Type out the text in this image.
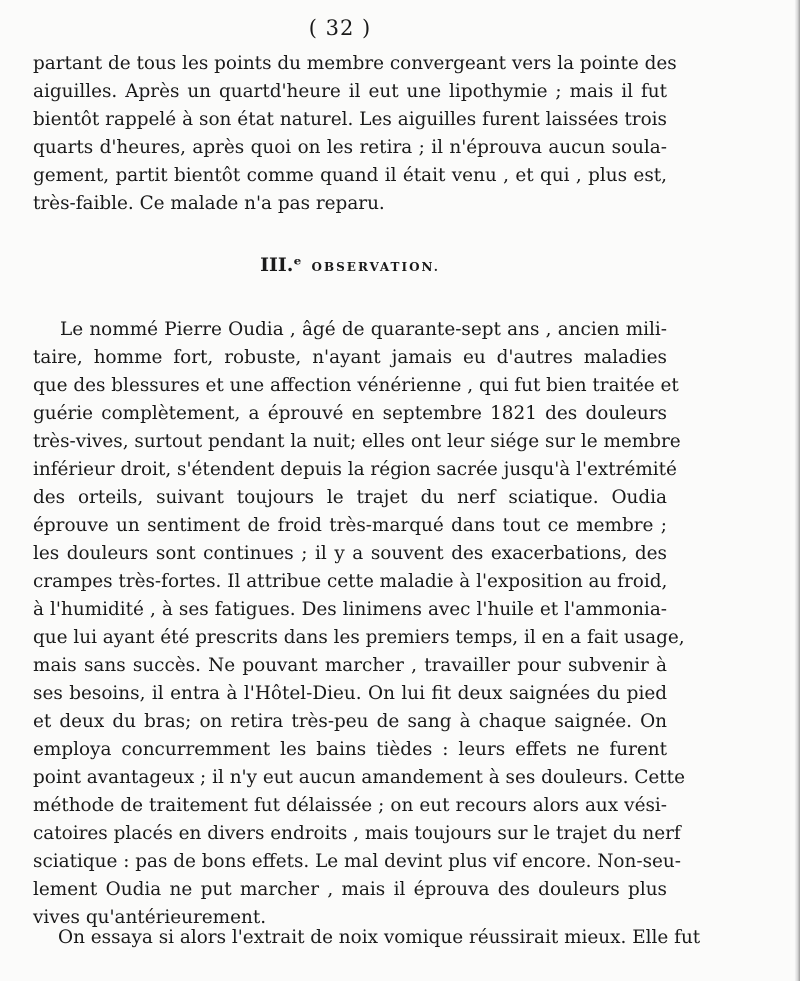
( 32 )
partant de tous les points du membre convergeant vers la pointe des
aiguilles. Après un quartd'heure il eut une lipothymie ; mais il fut
bientôt rappelé à son état naturel. Les aiguilles furent laissées trois
quarts d'heures, après quoi on les retira ; il n'éprouva aucun soula-
gement, partit bientôt comme quand il était venu , et qui , plus est,
très-faible. Ce malade n'a pas reparu.
III.ᵉ OBSERVATION.
Le nommé Pierre Oudia , âgé de quarante-sept ans , ancien mili-
taire, homme fort, robuste, n'ayant jamais eu d'autres maladies
que des blessures et une affection vénérienne , qui fut bien traitée et
guérie complètement, a éprouvé en septembre 1821 des douleurs
très-vives, surtout pendant la nuit; elles ont leur siége sur le membre
inférieur droit, s'étendent depuis la région sacrée jusqu'à l'extrémité
des orteils, suivant toujours le trajet du nerf sciatique. Oudia
éprouve un sentiment de froid très-marqué dans tout ce membre ;
les douleurs sont continues ; il y a souvent des exacerbations, des
crampes très-fortes. Il attribue cette maladie à l'exposition au froid,
à l'humidité , à ses fatigues. Des linimens avec l'huile et l'ammonia-
que lui ayant été prescrits dans les premiers temps, il en a fait usage,
mais sans succès. Ne pouvant marcher , travailler pour subvenir à
ses besoins, il entra à l'Hôtel-Dieu. On lui fit deux saignées du pied
et deux du bras; on retira très-peu de sang à chaque saignée. On
employa concurremment les bains tièdes : leurs effets ne furent
point avantageux ; il n'y eut aucun amandement à ses douleurs. Cette
méthode de traitement fut délaissée ; on eut recours alors aux vési-
catoires placés en divers endroits , mais toujours sur le trajet du nerf
sciatique : pas de bons effets. Le mal devint plus vif encore. Non-seu-
lement Oudia ne put marcher , mais il éprouva des douleurs plus
vives qu'antérieurement.
On essaya si alors l'extrait de noix vomique réussirait mieux. Elle fut
